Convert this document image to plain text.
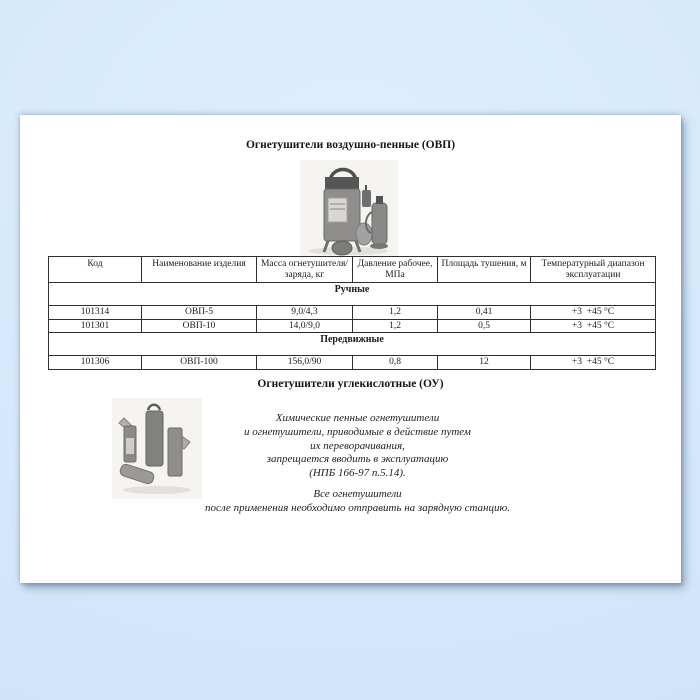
Огнетушители воздушно-пенные (ОВП)
Код	Наименование изделия	Масса огнетушителя/ заряда, кг	Давление рабочее, МПа	Площадь тушения, м	Температурный диапазон эксплуатации
Ручные					
101314	ОВП-5	9,0/4,3	1,2	0,41	+3  +45 °С
101301	ОВП-10	14,0/9,0	1,2	0,5	+3  +45 °С
Передвижные					
101306	ОВП-100	156,0/90	0,8	12	+3  +45 °С
Огнетушители углекислотные (ОУ)
Химические пенные огнетушители
и огнетушители, приводимые в действие путем
их переворачивания,
запрещается вводить в эксплуатацию
(НПБ 166-97 п.5.14).
Все огнетушители
после применения необходимо отправить на зарядную станцию.
